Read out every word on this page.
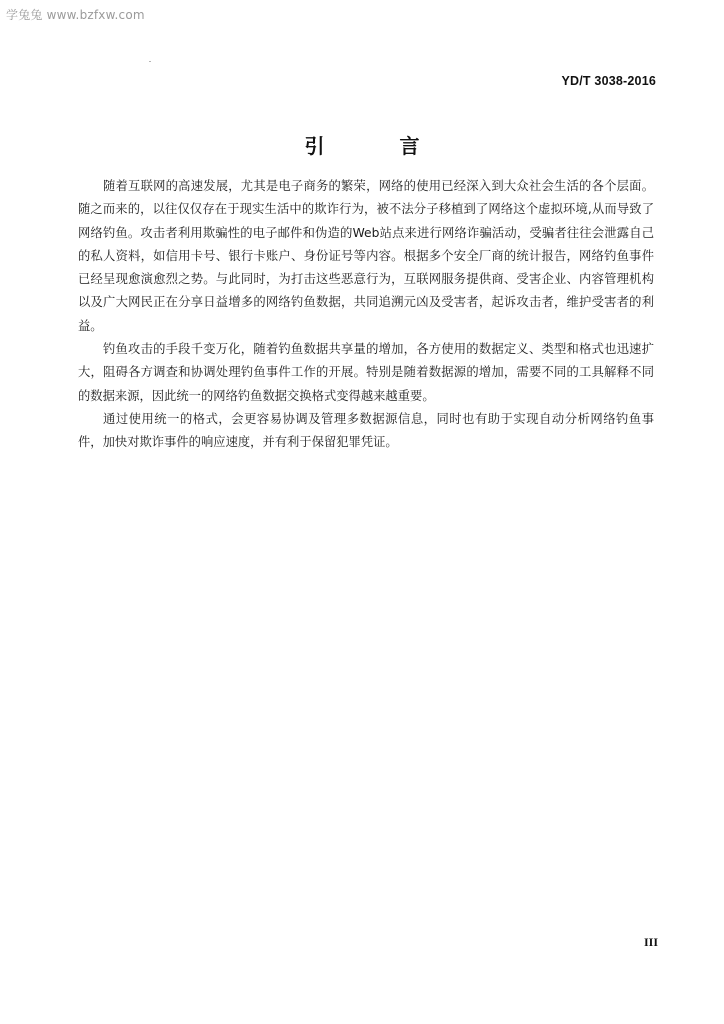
学兔兔 www.bzfxw.com
YD/T 3038-2016
引 言

随着互联网的高速发展，尤其是电子商务的繁荣，网络的使用已经深入到大众社会生活的各个层面。随之而来的，以往仅仅存在于现实生活中的欺诈行为，被不法分子移植到了网络这个虚拟环境,从而导致了网络钓鱼。攻击者利用欺骗性的电子邮件和伪造的Web站点来进行网络诈骗活动，受骗者往往会泄露自己的私人资料，如信用卡号、银行卡账户、身份证号等内容。根据多个安全厂商的统计报告，网络钓鱼事件已经呈现愈演愈烈之势。与此同时，为打击这些恶意行为，互联网服务提供商、受害企业、内容管理机构以及广大网民正在分享日益增多的网络钓鱼数据，共同追溯元凶及受害者，起诉攻击者，维护受害者的利益。

钓鱼攻击的手段千变万化，随着钓鱼数据共享量的增加，各方使用的数据定义、类型和格式也迅速扩大，阻碍各方调查和协调处理钓鱼事件工作的开展。特别是随着数据源的增加，需要不同的工具解释不同的数据来源，因此统一的网络钓鱼数据交换格式变得越来越重要。

通过使用统一的格式，会更容易协调及管理多数据源信息，同时也有助于实现自动分析网络钓鱼事件，加快对欺诈事件的响应速度，并有利于保留犯罪凭证。

III
